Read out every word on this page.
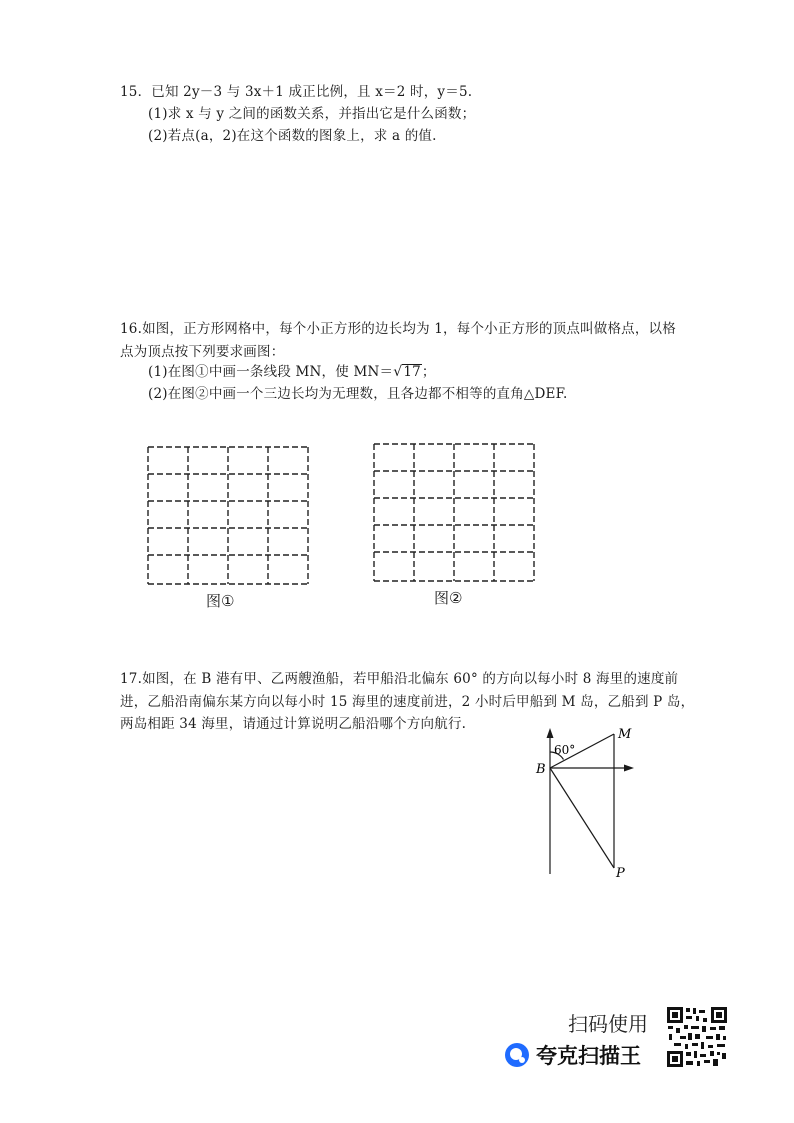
15．已知 2y－3 与 3x＋1 成正比例，且 x＝2 时，y＝5.
(1)求 x 与 y 之间的函数关系，并指出它是什么函数；
(2)若点(a，2)在这个函数的图象上，求 a 的值.
16.如图，正方形网格中，每个小正方形的边长均为 1，每个小正方形的顶点叫做格点，以格
点为顶点按下列要求画图：
(1)在图①中画一条线段 MN，使 MN＝√17；
(2)在图②中画一个三边长均为无理数，且各边都不相等的直角△DEF.
图①	图②
17.如图，在 B 港有甲、乙两艘渔船，若甲船沿北偏东 60° 的方向以每小时 8 海里的速度前
进，乙船沿南偏东某方向以每小时 15 海里的速度前进，2 小时后甲船到 M 岛，乙船到 P 岛，
两岛相距 34 海里，请通过计算说明乙船沿哪个方向航行.
60°
B
M
P
扫码使用
夸克扫描王
